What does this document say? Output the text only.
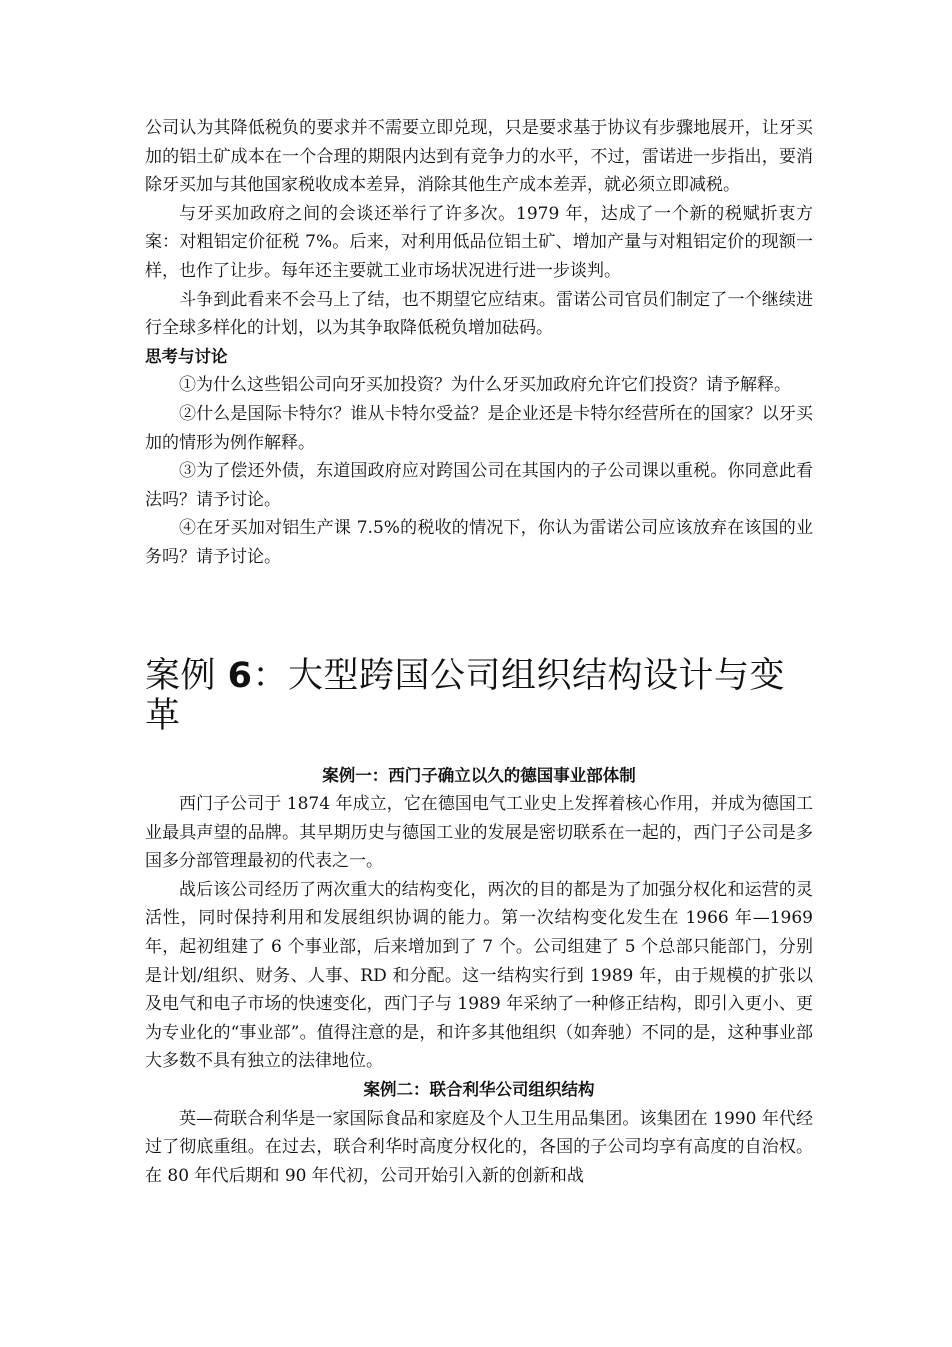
公司认为其降低税负的要求并不需要立即兑现，只是要求基于协议有步骤地展开，让牙买加的铝土矿成本在一个合理的期限内达到有竞争力的水平，不过，雷诺进一步指出，要消除牙买加与其他国家税收成本差异，消除其他生产成本差弄，就必须立即减税。

与牙买加政府之间的会谈还举行了许多次。1979 年，达成了一个新的税赋折衷方案：对粗铝定价征税 7%。后来，对利用低品位铝土矿、增加产量与对粗铝定价的现额一样，也作了让步。每年还主要就工业市场状况进行进一步谈判。

斗争到此看来不会马上了结，也不期望它应结束。雷诺公司官员们制定了一个继续进行全球多样化的计划，以为其争取降低税负增加砝码。

思考与讨论

①为什么这些铝公司向牙买加投资？为什么牙买加政府允许它们投资？请予解释。

②什么是国际卡特尔？谁从卡特尔受益？是企业还是卡特尔经营所在的国家？以牙买加的情形为例作解释。

③为了偿还外债，东道国政府应对跨国公司在其国内的子公司课以重税。你同意此看法吗？请予讨论。

④在牙买加对铝生产课 7.5%的税收的情况下，你认为雷诺公司应该放弃在该国的业务吗？请予讨论。

案例 6：大型跨国公司组织结构设计与变革

案例一：西门子确立以久的德国事业部体制

西门子公司于 1874 年成立，它在德国电气工业史上发挥着核心作用，并成为德国工业最具声望的品牌。其早期历史与德国工业的发展是密切联系在一起的，西门子公司是多国多分部管理最初的代表之一。

战后该公司经历了两次重大的结构变化，两次的目的都是为了加强分权化和运营的灵活性，同时保持利用和发展组织协调的能力。第一次结构变化发生在 1966 年—1969 年，起初组建了 6 个事业部，后来增加到了 7 个。公司组建了 5 个总部只能部门，分别是计划/组织、财务、人事、RD 和分配。这一结构实行到 1989 年，由于规模的扩张以及电气和电子市场的快速变化，西门子与 1989 年采纳了一种修正结构，即引入更小、更为专业化的“事业部”。值得注意的是，和许多其他组织（如奔驰）不同的是，这种事业部大多数不具有独立的法律地位。

案例二：联合利华公司组织结构

英—荷联合利华是一家国际食品和家庭及个人卫生用品集团。该集团在 1990 年代经过了彻底重组。在过去，联合利华时高度分权化的，各国的子公司均享有高度的自治权。在 80 年代后期和 90 年代初，公司开始引入新的创新和战
